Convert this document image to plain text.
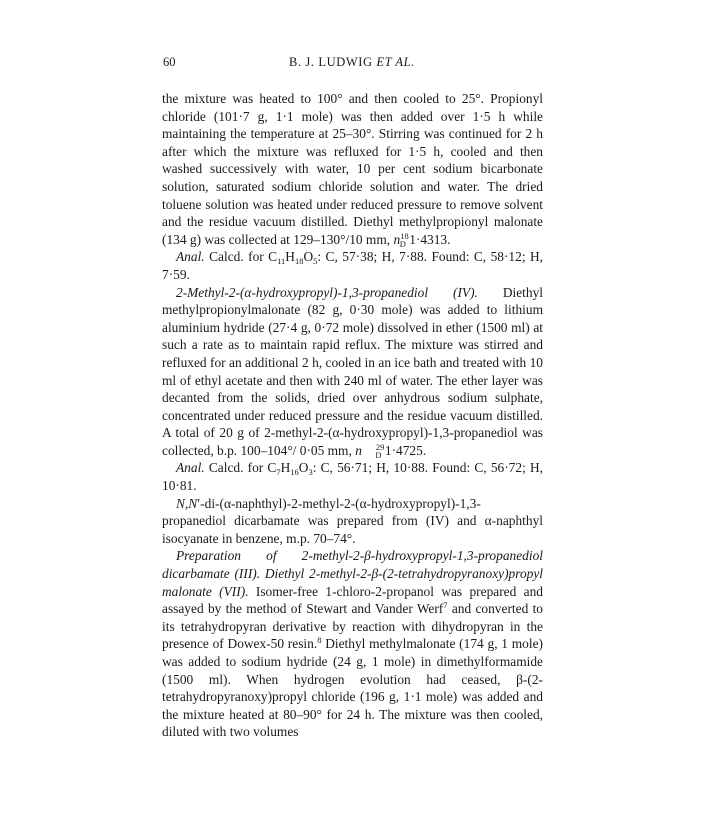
60	B. J. LUDWIG ET AL.

the mixture was heated to 100° and then cooled to 25°. Propionyl chloride (101·7 g, 1·1 mole) was then added over 1·5 h while maintaining the temperature at 25–30°. Stirring was continued for 2 h after which the mixture was refluxed for 1·5 h, cooled and then washed successively with water, 10 per cent sodium bicarbonate solution, saturated sodium chloride solution and water. The dried toluene solution was heated under reduced pressure to remove solvent and the residue vacuum distilled. Diethyl methylpropionyl malonate (134 g) was collected at 129–130°/10 mm, $n^{18}_D$ 1·4313.

Anal. Calcd. for $C_{11}H_{18}O_5$: C, 57·38; H, 7·88. Found: C, 58·12; H, 7·59.

2-Methyl-2-(α-hydroxypropyl)-1,3-propanediol (IV). Diethyl methylpropionylmalonate (82 g, 0·30 mole) was added to lithium aluminium hydride (27·4 g, 0·72 mole) dissolved in ether (1500 ml) at such a rate as to maintain rapid reflux. The mixture was stirred and refluxed for an additional 2 h, cooled in an ice bath and treated with 10 ml of ethyl acetate and then with 240 ml of water. The ether layer was decanted from the solids, dried over anhydrous sodium sulphate, concentrated under reduced pressure and the residue vacuum distilled. A total of 20 g of 2-methyl-2-(α-hydroxypropyl)-1,3-propanediol was collected, b.p. 100–104°/ 0·05 mm, n $^{29}_D$ 1·4725.

Anal. Calcd. for $C_7H_{16}O_3$: C, 56·71; H, 10·88. Found: C, 56·72; H, 10·81.

N,N′-di-(α-naphthyl)-2-methyl-2-(α-hydroxypropyl)-1,3-propanediol dicarbamate was prepared from (IV) and α-naphthyl isocyanate in benzene, m.p. 70–74°.

Preparation of 2-methyl-2-β-hydroxypropyl-1,3-propanediol dicarbamate (III). Diethyl 2-methyl-2-β-(2-tetrahydropyranoxy)propyl malonate (VII). Isomer-free 1-chloro-2-propanol was prepared and assayed by the method of Stewart and Vander Werf$^7$ and converted to its tetrahydropyran derivative by reaction with dihydropyran in the presence of Dowex-50 resin.$^8$ Diethyl methylmalonate (174 g, 1 mole) was added to sodium hydride (24 g, 1 mole) in dimethylformamide (1500 ml). When hydrogen evolution had ceased, β-(2-tetrahydropyranoxy)propyl chloride (196 g, 1·1 mole) was added and the mixture heated at 80–90° for 24 h. The mixture was then cooled, diluted with two volumes
